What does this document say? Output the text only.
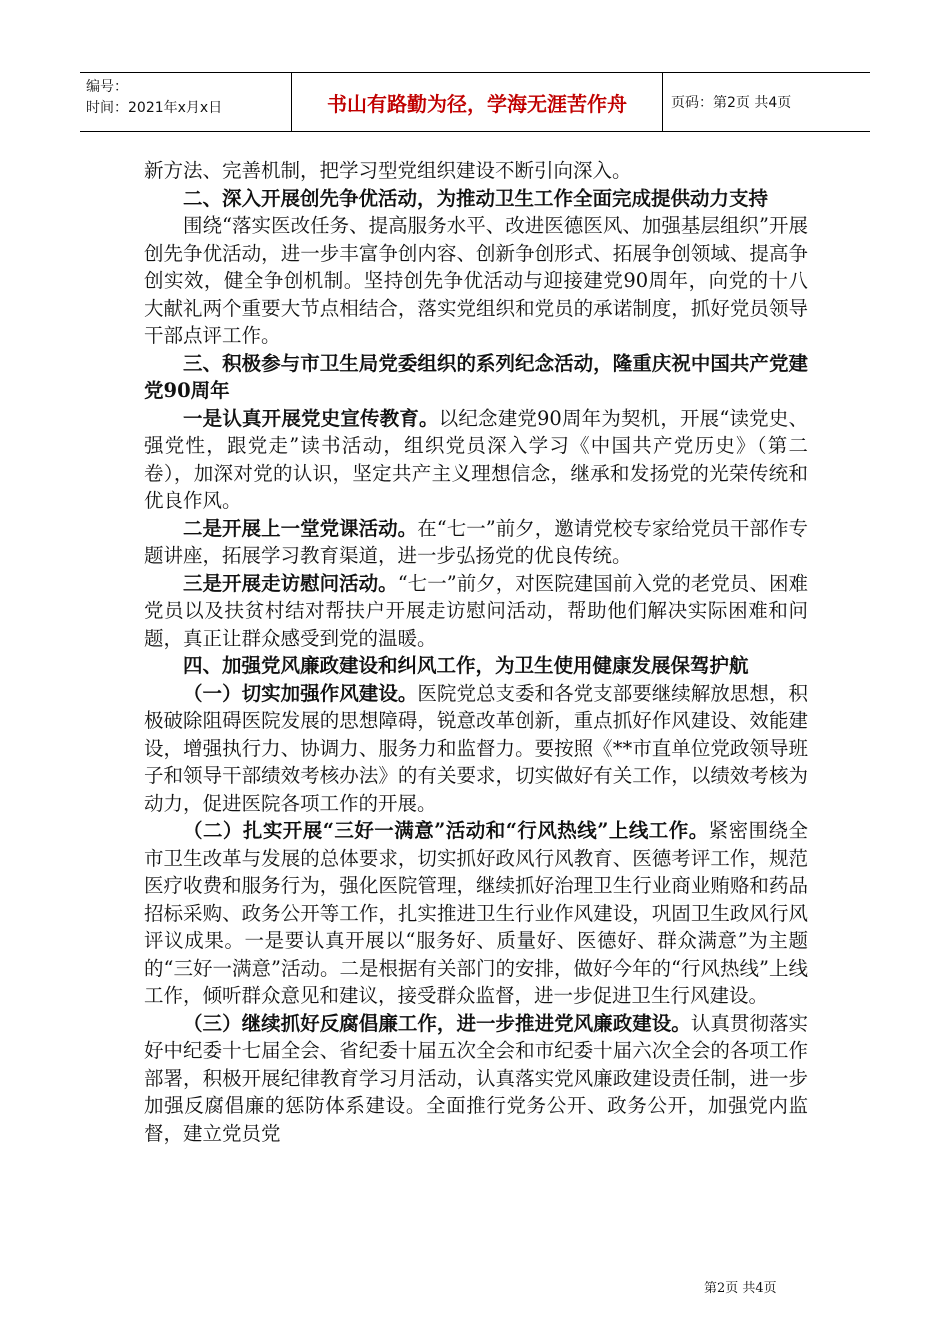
编号：
时间：2021年x月x日	书山有路勤为径，学海无涯苦作舟	页码：第2页 共4页

新方法、完善机制，把学习型党组织建设不断引向深入。

二、深入开展创先争优活动，为推动卫生工作全面完成提供动力支持

围绕“落实医改任务、提高服务水平、改进医德医风、加强基层组织”开展创先争优活动，进一步丰富争创内容、创新争创形式、拓展争创领域、提高争创实效，健全争创机制。坚持创先争优活动与迎接建党90周年，向党的十八大献礼两个重要大节点相结合，落实党组织和党员的承诺制度，抓好党员领导干部点评工作。

三、积极参与市卫生局党委组织的系列纪念活动，隆重庆祝中国共产党建党90周年

一是认真开展党史宣传教育。以纪念建党90周年为契机，开展“读党史、强党性，跟党走”读书活动，组织党员深入学习《中国共产党历史》（第二卷），加深对党的认识，坚定共产主义理想信念，继承和发扬党的光荣传统和优良作风。

二是开展上一堂党课活动。在“七一”前夕，邀请党校专家给党员干部作专题讲座，拓展学习教育渠道，进一步弘扬党的优良传统。

三是开展走访慰问活动。“七一”前夕，对医院建国前入党的老党员、困难党员以及扶贫村结对帮扶户开展走访慰问活动，帮助他们解决实际困难和问题，真正让群众感受到党的温暖。

四、加强党风廉政建设和纠风工作，为卫生使用健康发展保驾护航

（一）切实加强作风建设。医院党总支委和各党支部要继续解放思想，积极破除阻碍医院发展的思想障碍，锐意改革创新，重点抓好作风建设、效能建设，增强执行力、协调力、服务力和监督力。要按照《**市直单位党政领导班子和领导干部绩效考核办法》的有关要求，切实做好有关工作，以绩效考核为动力，促进医院各项工作的开展。

（二）扎实开展“三好一满意”活动和“行风热线”上线工作。紧密围绕全市卫生改革与发展的总体要求，切实抓好政风行风教育、医德考评工作，规范医疗收费和服务行为，强化医院管理，继续抓好治理卫生行业商业贿赂和药品招标采购、政务公开等工作，扎实推进卫生行业作风建设，巩固卫生政风行风评议成果。一是要认真开展以“服务好、质量好、医德好、群众满意”为主题的“三好一满意”活动。二是根据有关部门的安排，做好今年的“行风热线”上线工作，倾听群众意见和建议，接受群众监督，进一步促进卫生行风建设。

（三）继续抓好反腐倡廉工作，进一步推进党风廉政建设。认真贯彻落实好中纪委十七届全会、省纪委十届五次全会和市纪委十届六次全会的各项工作部署，积极开展纪律教育学习月活动，认真落实党风廉政建设责任制，进一步加强反腐倡廉的惩防体系建设。全面推行党务公开、政务公开，加强党内监督，建立党员党

第2页 共4页
